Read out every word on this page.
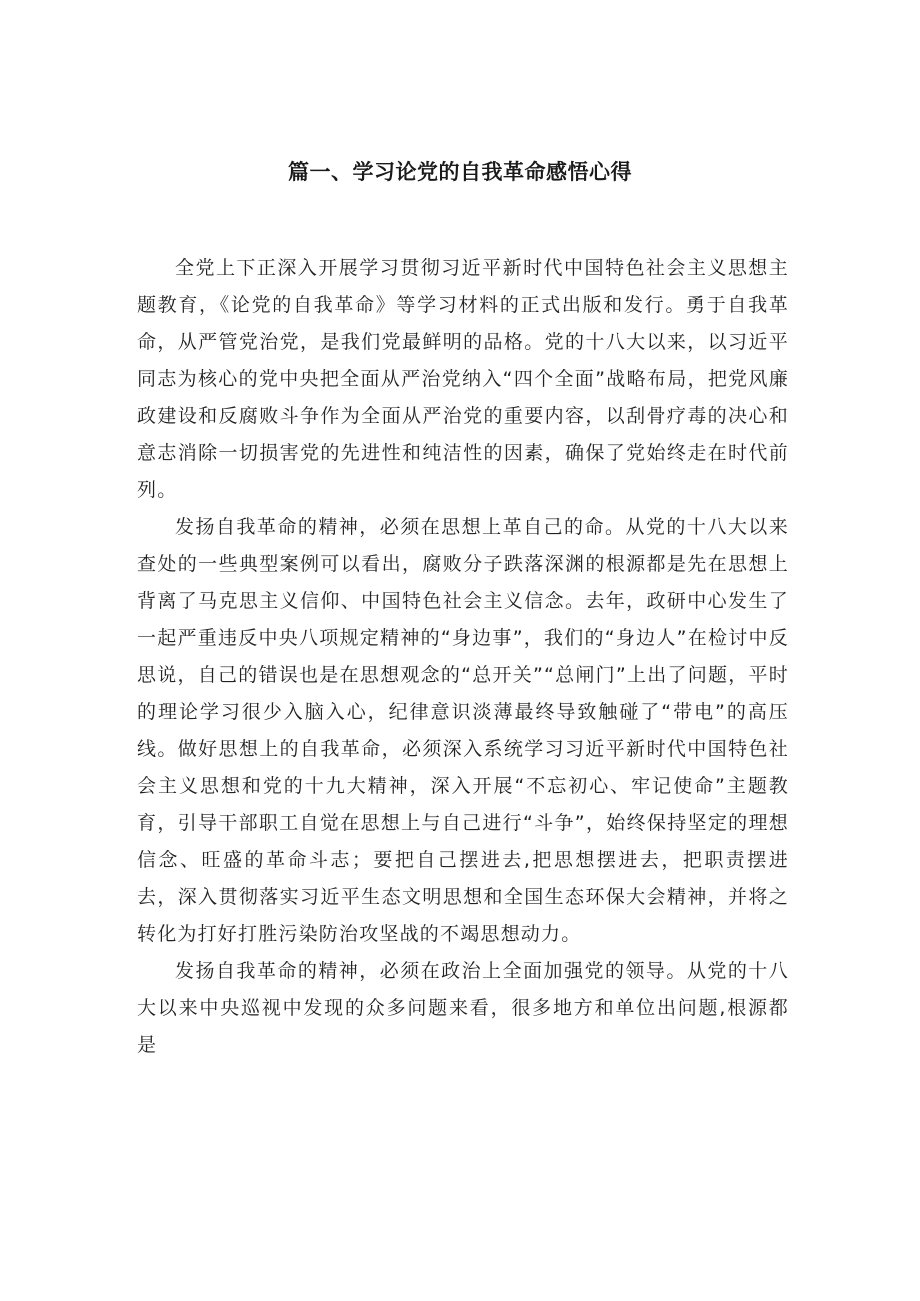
篇一、学习论党的自我革命感悟心得

全党上下正深入开展学习贯彻习近平新时代中国特色社会主义思想主题教育，《论党的自我革命》等学习材料的正式出版和发行。勇于自我革命，从严管党治党，是我们党最鲜明的品格。党的十八大以来，以习近平同志为核心的党中央把全面从严治党纳入“四个全面”战略布局，把党风廉政建设和反腐败斗争作为全面从严治党的重要内容，以刮骨疗毒的决心和意志消除一切损害党的先进性和纯洁性的因素，确保了党始终走在时代前列。

发扬自我革命的精神，必须在思想上革自己的命。从党的十八大以来查处的一些典型案例可以看出，腐败分子跌落深渊的根源都是先在思想上背离了马克思主义信仰、中国特色社会主义信念。去年，政研中心发生了一起严重违反中央八项规定精神的“身边事”，我们的“身边人”在检讨中反思说，自己的错误也是在思想观念的“总开关”“总闸门”上出了问题，平时的理论学习很少入脑入心，纪律意识淡薄最终导致触碰了“带电”的高压线。做好思想上的自我革命，必须深入系统学习习近平新时代中国特色社会主义思想和党的十九大精神，深入开展“不忘初心、牢记使命”主题教育，引导干部职工自觉在思想上与自己进行“斗争”，始终保持坚定的理想信念、旺盛的革命斗志；要把自己摆进去,把思想摆进去，把职责摆进去，深入贯彻落实习近平生态文明思想和全国生态环保大会精神，并将之转化为打好打胜污染防治攻坚战的不竭思想动力。

发扬自我革命的精神，必须在政治上全面加强党的领导。从党的十八大以来中央巡视中发现的众多问题来看，很多地方和单位出问题,根源都是
